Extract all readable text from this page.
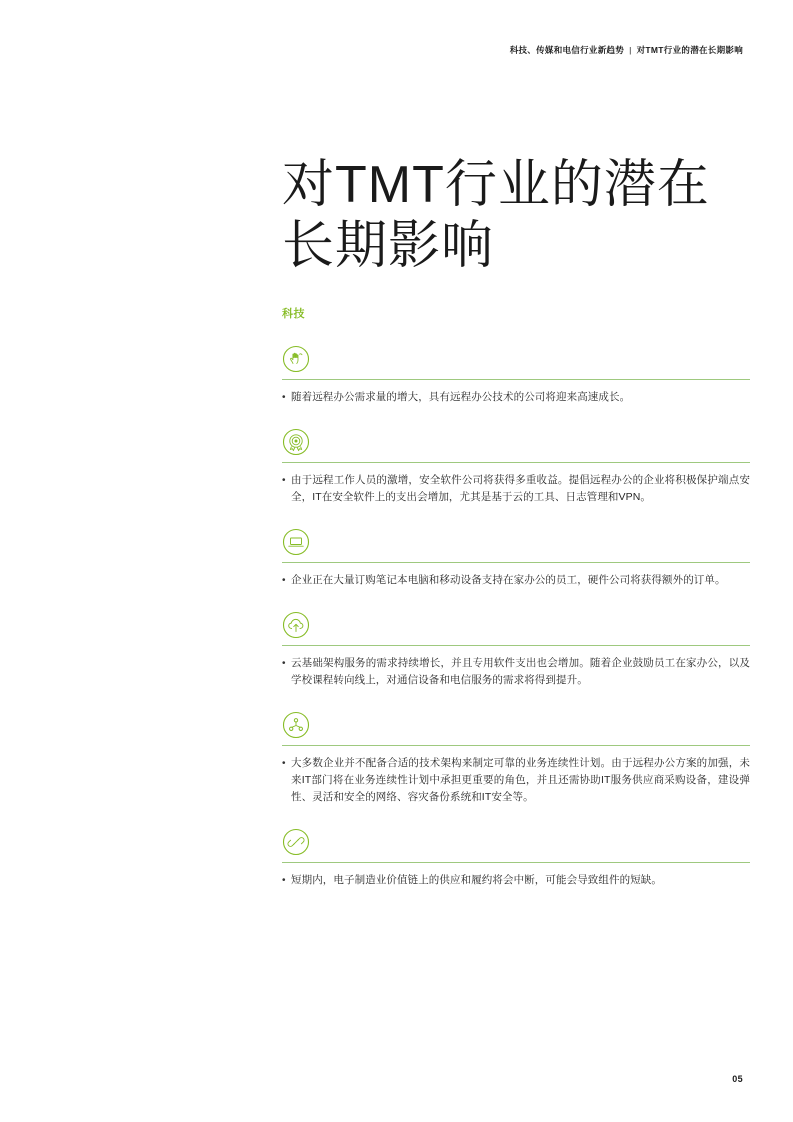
科技、传媒和电信行业新趋势 | 对TMT行业的潜在长期影响
对TMT行业的潜在长期影响
科技
• 随着远程办公需求量的增大，具有远程办公技术的公司将迎来高速成长。
• 由于远程工作人员的激增，安全软件公司将获得多重收益。提倡远程办公的企业将积极保护端点安全，IT在安全软件上的支出会增加，尤其是基于云的工具、日志管理和VPN。
• 企业正在大量订购笔记本电脑和移动设备支持在家办公的员工，硬件公司将获得额外的订单。
• 云基础架构服务的需求持续增长，并且专用软件支出也会增加。随着企业鼓励员工在家办公，以及学校课程转向线上，对通信设备和电信服务的需求将得到提升。
• 大多数企业并不配备合适的技术架构来制定可靠的业务连续性计划。由于远程办公方案的加强，未来IT部门将在业务连续性计划中承担更重要的角色，并且还需协助IT服务供应商采购设备，建设弹性、灵活和安全的网络、容灾备份系统和IT安全等。
• 短期内，电子制造业价值链上的供应和履约将会中断，可能会导致组件的短缺。
05
